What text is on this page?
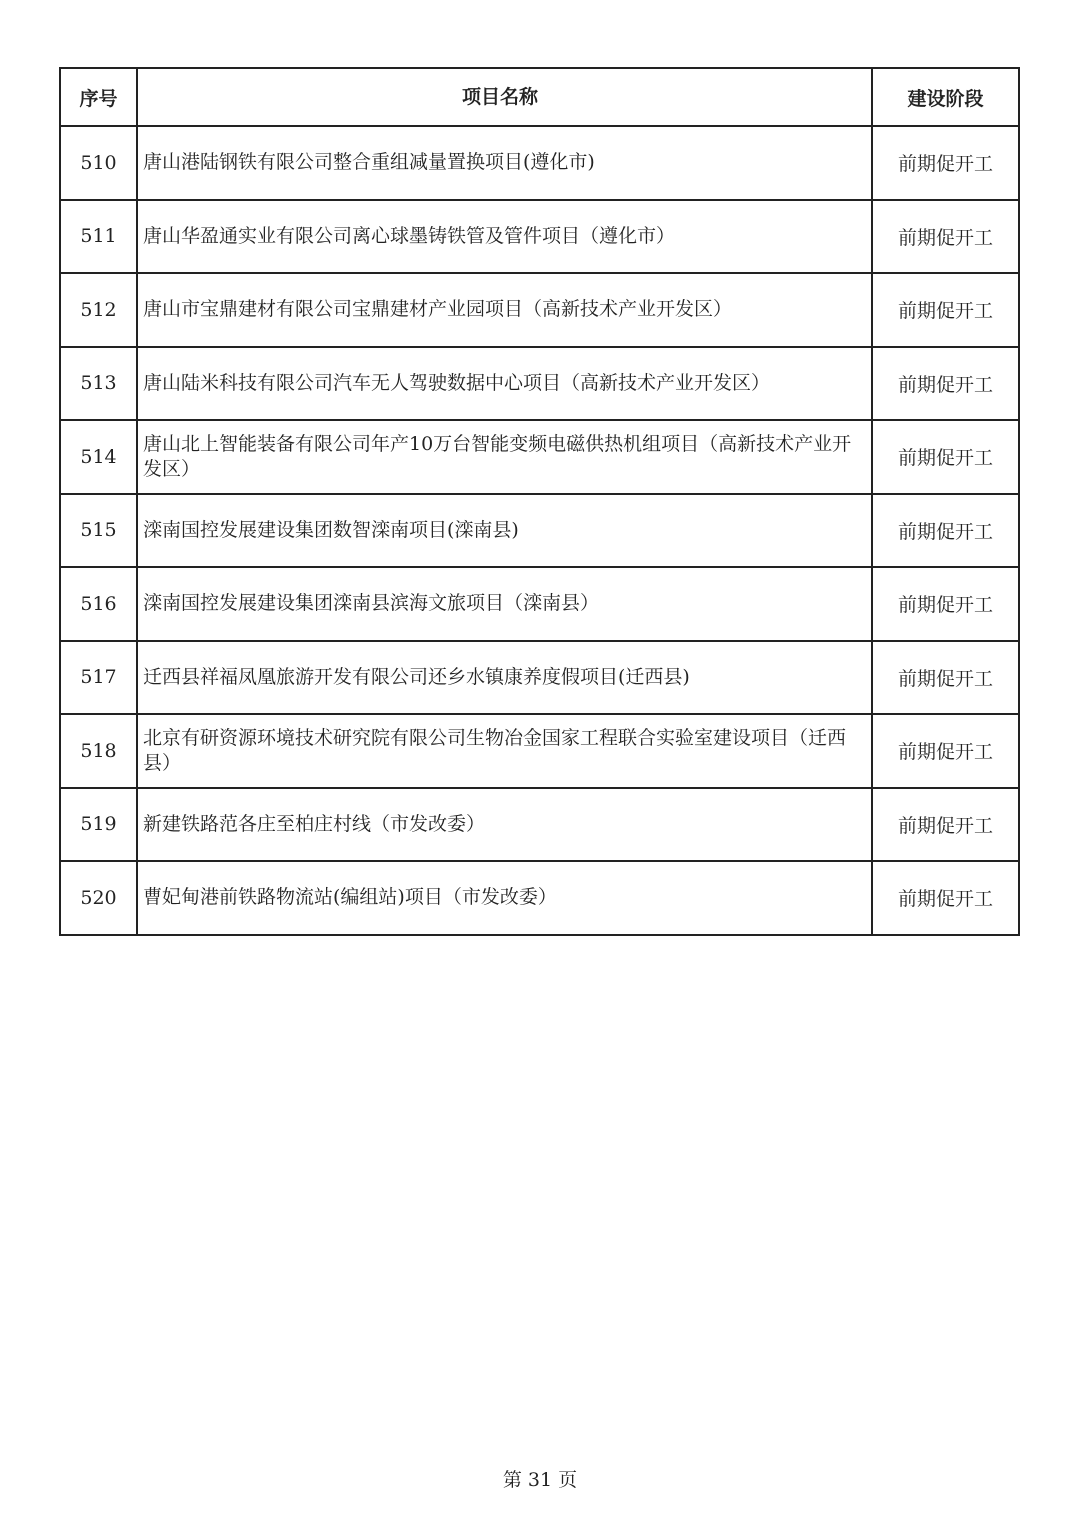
序号	项目名称	建设阶段
510	唐山港陆钢铁有限公司整合重组减量置换项目(遵化市)	前期促开工
511	唐山华盈通实业有限公司离心球墨铸铁管及管件项目（遵化市）	前期促开工
512	唐山市宝鼎建材有限公司宝鼎建材产业园项目（高新技术产业开发区）	前期促开工
513	唐山陆米科技有限公司汽车无人驾驶数据中心项目（高新技术产业开发区）	前期促开工
514	唐山北上智能装备有限公司年产10万台智能变频电磁供热机组项目（高新技术产业开发区）	前期促开工
515	滦南国控发展建设集团数智滦南项目(滦南县)	前期促开工
516	滦南国控发展建设集团滦南县滨海文旅项目（滦南县）	前期促开工
517	迁西县祥福凤凰旅游开发有限公司还乡水镇康养度假项目(迁西县)	前期促开工
518	北京有研资源环境技术研究院有限公司生物冶金国家工程联合实验室建设项目（迁西县）	前期促开工
519	新建铁路范各庄至柏庄村线（市发改委）	前期促开工
520	曹妃甸港前铁路物流站(编组站)项目（市发改委）	前期促开工
第 31 页
